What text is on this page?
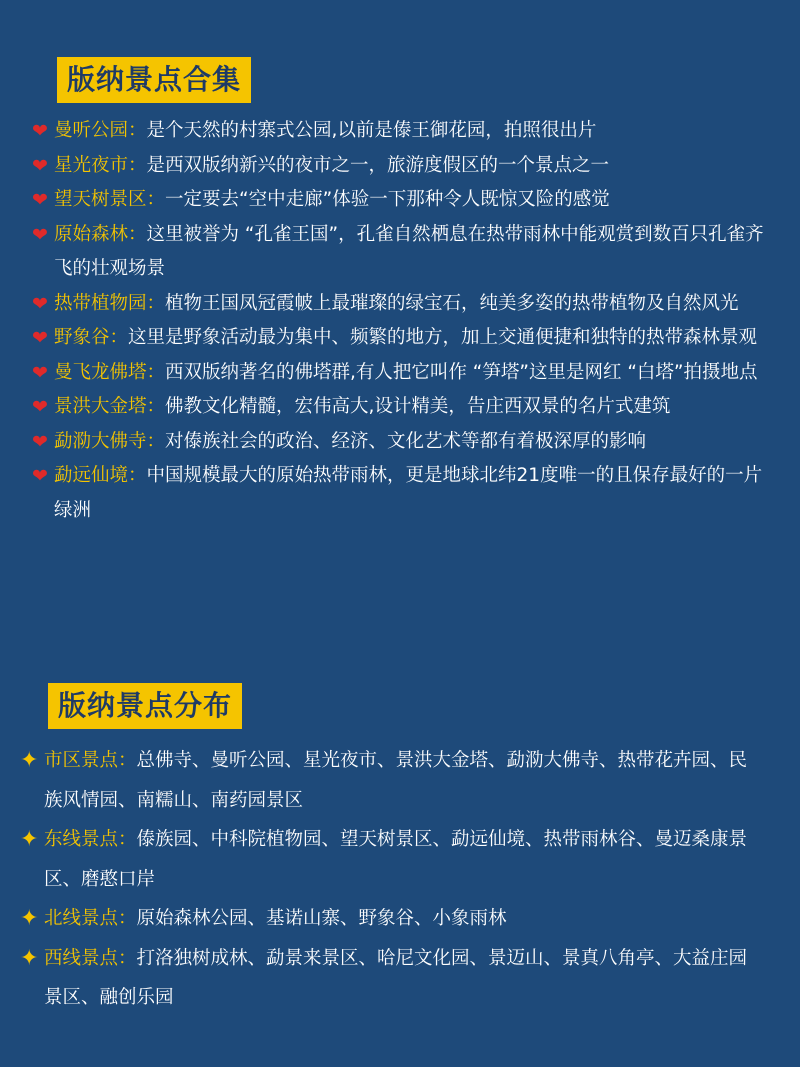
版纳景点合集
❤ 曼听公园：是个天然的村寨式公园,以前是傣王御花园，拍照很出片
❤ 星光夜市：是西双版纳新兴的夜市之一，旅游度假区的一个景点之一
❤ 望天树景区：一定要去“空中走廊”体验一下那种令人既惊又险的感觉
❤ 原始森林：这里被誉为 “孔雀王国”，孔雀自然栖息在热带雨林中能观赏到数百只孔雀齐飞的壮观场景
❤ 热带植物园：植物王国凤冠霞帔上最璀璨的绿宝石，纯美多姿的热带植物及自然风光
❤ 野象谷：这里是野象活动最为集中、频繁的地方，加上交通便捷和独特的热带森林景观
❤ 曼飞龙佛塔：西双版纳著名的佛塔群,有人把它叫作 “笋塔”这里是网红 “白塔”拍摄地点
❤ 景洪大金塔：佛教文化精髓，宏伟高大,设计精美，告庄西双景的名片式建筑
❤ 勐泐大佛寺：对傣族社会的政治、经济、文化艺术等都有着极深厚的影响
❤ 勐远仙境：中国规模最大的原始热带雨林，更是地球北纬21度唯一的且保存最好的一片绿洲
版纳景点分布
✦ 市区景点：总佛寺、曼听公园、星光夜市、景洪大金塔、勐泐大佛寺、热带花卉园、民族风情园、南糯山、南药园景区
✦ 东线景点：傣族园、中科院植物园、望天树景区、勐远仙境、热带雨林谷、曼迈桑康景区、磨憨口岸
✦ 北线景点：原始森林公园、基诺山寨、野象谷、小象雨林
✦ 西线景点：打洛独树成林、勐景来景区、哈尼文化园、景迈山、景真八角亭、大益庄园景区、融创乐园
